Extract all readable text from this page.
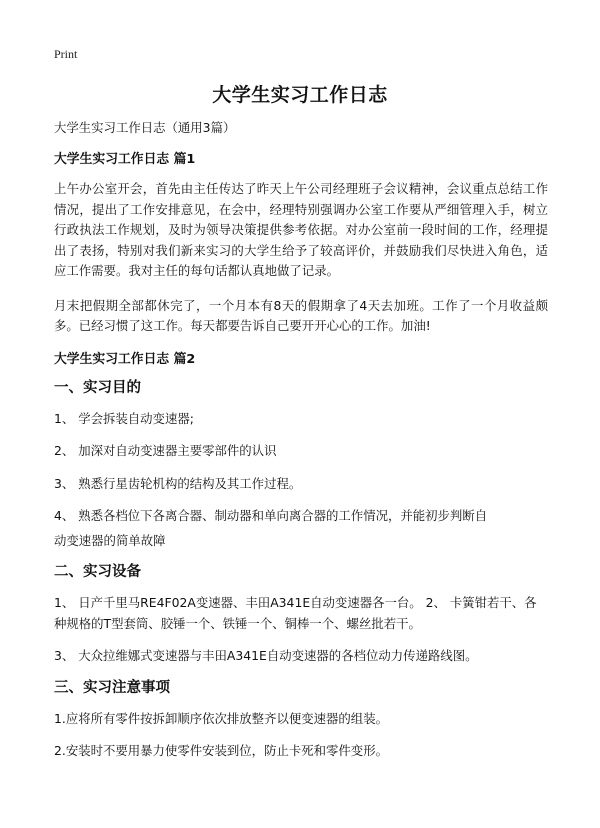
Print
大学生实习工作日志

大学生实习工作日志（通用3篇）

大学生实习工作日志 篇1

上午办公室开会，首先由主任传达了昨天上午公司经理班子会议精神，会议重点总结工作情况，提出了工作安排意见，在会中，经理特别强调办公室工作要从严细管理入手，树立行政执法工作规划，及时为领导决策提供参考依据。对办公室前一段时间的工作，经理提出了表扬，特别对我们新来实习的大学生给予了较高评价，并鼓励我们尽快进入角色，适应工作需要。我对主任的每句话都认真地做了记录。

月末把假期全部都休完了，一个月本有8天的假期拿了4天去加班。工作了一个月收益颇多。已经习惯了这工作。每天都要告诉自己要开开心心的工作。加油!

大学生实习工作日志 篇2
一、实习目的

1、 学会拆装自动变速器;

2、 加深对自动变速器主要零部件的认识

3、 熟悉行星齿轮机构的结构及其工作过程。

4、 熟悉各档位下各离合器、制动器和单向离合器的工作情况，并能初步判断自

动变速器的简单故障

二、实习设备

1、 日产千里马RE4F02A变速器、丰田A341E自动变速器各一台。 2、 卡簧钳若干、各种规格的T型套筒、胶锤一个、铁锤一个、铜棒一个、螺丝批若干。

3、 大众拉维娜式变速器与丰田A341E自动变速器的各档位动力传递路线图。

三、实习注意事项

1.应将所有零件按拆卸顺序依次排放整齐以便变速器的组装。

2.安装时不要用暴力使零件安装到位，防止卡死和零件变形。
